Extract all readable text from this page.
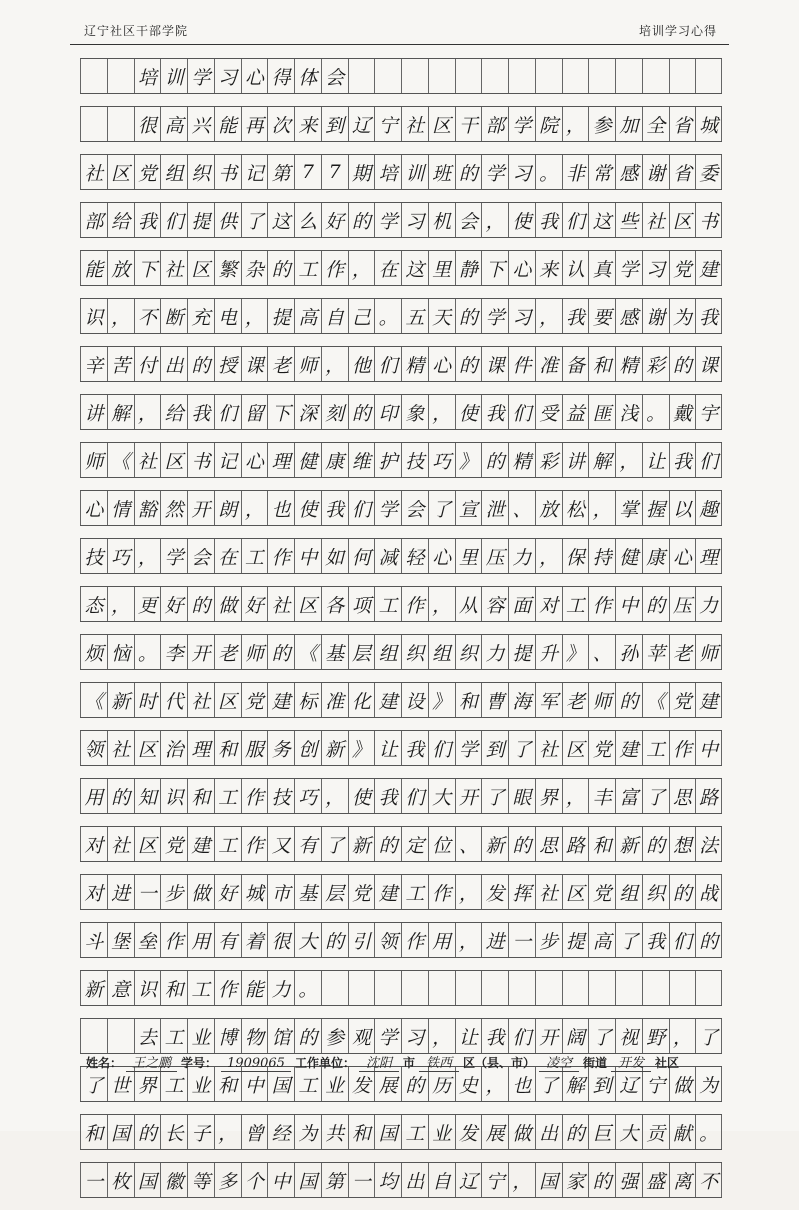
辽宁社区干部学院	培训学习心得
培 训 学 习 心 得 体 会
很 高 兴 能 再 次 来 到 辽 宁 社 区 干 部 学 院 ， 参 加 全 省 城
社 区 党 组 织 书 记 第 7 7 期 培 训 班 的 学 习 。 非 常 感 谢 省 委
部 给 我 们 提 供 了 这 么 好 的 学 习 机 会 ， 使 我 们 这 些 社 区 书
能 放 下 社 区 繁 杂 的 工 作 ， 在 这 里 静 下 心 来 认 真 学 习 党 建
识 ， 不 断 充 电 ， 提 高 自 己 。 五 天 的 学 习 ， 我 要 感 谢 为 我
辛 苦 付 出 的 授 课 老 师 ， 他 们 精 心 的 课 件 准 备 和 精 彩 的 课
讲 解 ， 给 我 们 留 下 深 刻 的 印 象 ， 使 我 们 受 益 匪 浅 。 戴 宇
师 《 社 区 书 记 心 理 健 康 维 护 技 巧 》 的 精 彩 讲 解 ， 让 我 们
心 情 豁 然 开 朗 ， 也 使 我 们 学 会 了 宣 泄 、 放 松 ， 掌 握 以 趣
技 巧 ， 学 会 在 工 作 中 如 何 减 轻 心 里 压 力 ， 保 持 健 康 心 理
态 ， 更 好 的 做 好 社 区 各 项 工 作 ， 从 容 面 对 工 作 中 的 压 力
烦 恼 。 李 开 老 师 的 《 基 层 组 织 组 织 力 提 升 》 、 孙 苹 老 师
《 新 时 代 社 区 党 建 标 准 化 建 设 》 和 曹 海 军 老 师 的 《 党 建
领 社 区 治 理 和 服 务 创 新 》 让 我 们 学 到 了 社 区 党 建 工 作 中
用 的 知 识 和 工 作 技 巧 ， 使 我 们 大 开 了 眼 界 ， 丰 富 了 思 路
对 社 区 党 建 工 作 又 有 了 新 的 定 位 、 新 的 思 路 和 新 的 想 法
对 进 一 步 做 好 城 市 基 层 党 建 工 作 ， 发 挥 社 区 党 组 织 的 战
斗 堡 垒 作 用 有 着 很 大 的 引 领 作 用 ， 进 一 步 提 高 了 我 们 的
新 意 识 和 工 作 能 力 。
去 工 业 博 物 馆 的 参 观 学 习 ， 让 我 们 开 阔 了 视 野 ， 了
了 世 界 工 业 和 中 国 工 业 发 展 的 历 史 ， 也 了 解 到 辽 宁 做 为
和 国 的 长 子 ， 曾 经 为 共 和 国 工 业 发 展 做 出 的 巨 大 贡 献 。
一 枚 国 徽 等 多 个 中 国 第 一 均 出 自 辽 宁 ， 国 家 的 强 盛 离 不
姓名： 王之鹏 学号： 1909065 工作单位： 沈阳 市 铁西 区（县、市） 凌空 街道 开发 社区
